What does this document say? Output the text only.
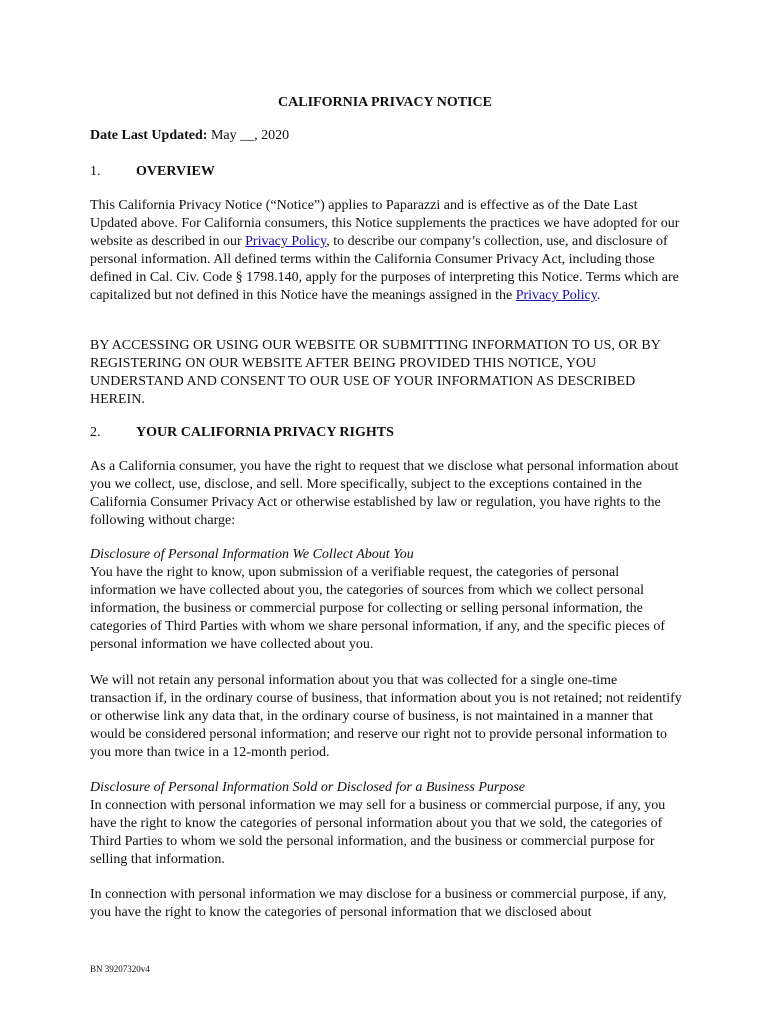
CALIFORNIA PRIVACY NOTICE

Date Last Updated: May __, 2020

1.	OVERVIEW

This California Privacy Notice (“Notice”) applies to Paparazzi and is effective as of the Date Last Updated above. For California consumers, this Notice supplements the practices we have adopted for our website as described in our Privacy Policy, to describe our company’s collection, use, and disclosure of personal information. All defined terms within the California Consumer Privacy Act, including those defined in Cal. Civ. Code § 1798.140, apply for the purposes of interpreting this Notice. Terms which are capitalized but not defined in this Notice have the meanings assigned in the Privacy Policy.

BY ACCESSING OR USING OUR WEBSITE OR SUBMITTING INFORMATION TO US, OR BY REGISTERING ON OUR WEBSITE AFTER BEING PROVIDED THIS NOTICE, YOU UNDERSTAND AND CONSENT TO OUR USE OF YOUR INFORMATION AS DESCRIBED HEREIN.

2.	YOUR CALIFORNIA PRIVACY RIGHTS

As a California consumer, you have the right to request that we disclose what personal information about you we collect, use, disclose, and sell. More specifically, subject to the exceptions contained in the California Consumer Privacy Act or otherwise established by law or regulation, you have rights to the following without charge:

Disclosure of Personal Information We Collect About You

You have the right to know, upon submission of a verifiable request, the categories of personal information we have collected about you, the categories of sources from which we collect personal information, the business or commercial purpose for collecting or selling personal information, the categories of Third Parties with whom we share personal information, if any, and the specific pieces of personal information we have collected about you.

We will not retain any personal information about you that was collected for a single one-time transaction if, in the ordinary course of business, that information about you is not retained; not reidentify or otherwise link any data that, in the ordinary course of business, is not maintained in a manner that would be considered personal information; and reserve our right not to provide personal information to you more than twice in a 12-month period.

Disclosure of Personal Information Sold or Disclosed for a Business Purpose

In connection with personal information we may sell for a business or commercial purpose, if any, you have the right to know the categories of personal information about you that we sold, the categories of Third Parties to whom we sold the personal information, and the business or commercial purpose for selling that information.

In connection with personal information we may disclose for a business or commercial purpose, if any, you have the right to know the categories of personal information that we disclosed about

BN 39207320v4
